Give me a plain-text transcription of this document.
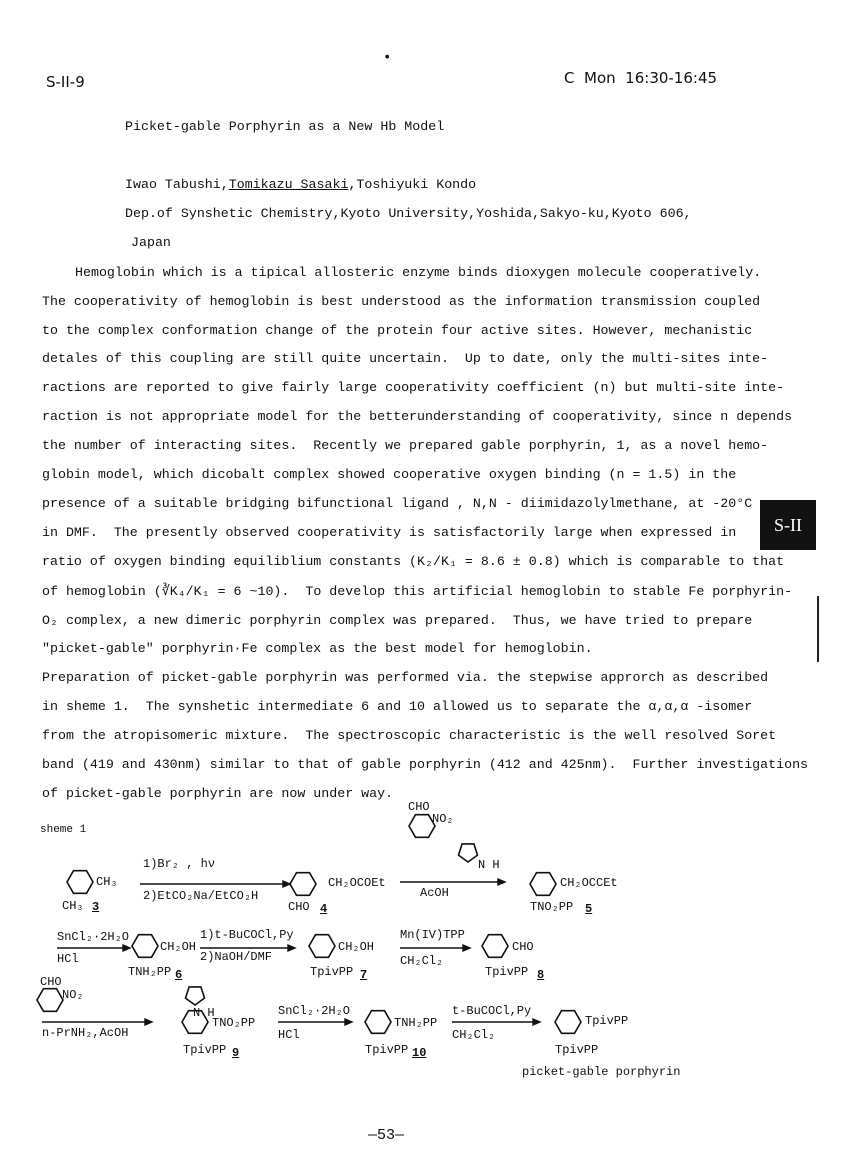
•
S-II-9	C  Mon  16:30-16:45
Picket-gable Porphyrin as a New Hb Model
Iwao Tabushi,Tomikazu Sasaki,Toshiyuki Kondo
Dep.of Synshetic Chemistry,Kyoto University,Yoshida,Sakyo-ku,Kyoto 606,
Japan
Hemoglobin which is a tipical allosteric enzyme binds dioxygen molecule cooperatively.
The cooperativity of hemoglobin is best understood as the information transmission coupled
to the complex conformation change of the protein four active sites. However, mechanistic
detales of this coupling are still quite uncertain.  Up to date, only the multi-sites inte-
ractions are reported to give fairly large cooperativity coefficient (n) but multi-site inte-
raction is not appropriate model for the betterunderstanding of cooperativity, since n depends
the number of interacting sites.  Recently we prepared gable porphyrin, 1, as a novel hemo-
globin model, which dicobalt complex showed cooperative oxygen binding (n = 1.5) in the
presence of a suitable bridging bifunctional ligand , N,N - diimidazolylmethane, at -20°C
in DMF.  The presently observed cooperativity is satisfactorily large when expressed in
ratio of oxygen binding equiliblium constants (K₂/K₁ = 8.6 ± 0.8) which is comparable to that
of hemoglobin (∛K₄/K₁ = 6 ~10).  To develop this artificial hemoglobin to stable Fe porphyrin-
O₂ complex, a new dimeric porphyrin complex was prepared.  Thus, we have tried to prepare
"picket-gable" porphyrin·Fe complex as the best model for hemoglobin.
Preparation of picket-gable porphyrin was performed via. the stepwise approrch as described
in sheme 1.  The synshetic intermediate 6 and 10 allowed us to separate the α,α,α -isomer
from the atropisomeric mixture.  The spectroscopic characteristic is the well resolved Soret
band (419 and 430nm) similar to that of gable porphyrin (412 and 425nm).  Further investigations
of picket-gable porphyrin are now under way.
S-II
sheme 1
CH₃
CH₃ 3
1)Br₂ , hν
2)EtCO₂Na/EtCO₂H
CH₂OCOEt
CHO 4
CHO
NO₂
N H
AcOH
CH₂OCCEt
TNO₂PP 5
SnCl₂·2H₂O
HCl
CH₂OH
TNH₂PP 6
1)t-BuCOCl,Py
2)NaOH/DMF
CH₂OH
TpivPP 7
Mn(IV)TPP
CH₂Cl₂
CHO
TpivPP 8
CHO
NO₂
N H
n-PrNH₂,AcOH
TNO₂PP
TpivPP 9
SnCl₂·2H₂O
HCl
TNH₂PP
TpivPP 10
t-BuCOCl,Py
CH₂Cl₂
TpivPP
TpivPP
picket-gable porphyrin
—53—
